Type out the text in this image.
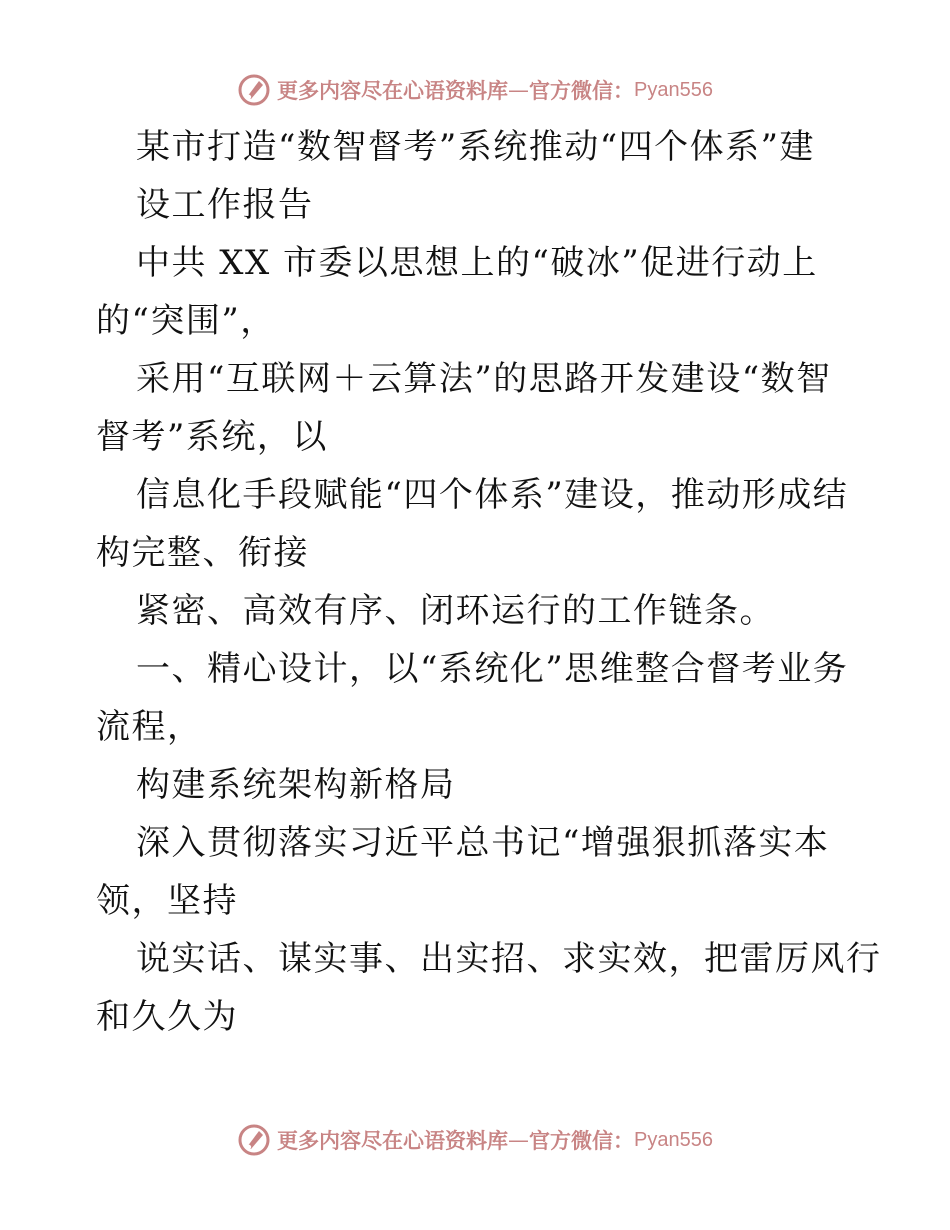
更多内容尽在心语资料库 — 官方微信： Pyan556
某市打造“数智督考”系统推动“四个体系”建
设工作报告
中共 XX 市委以思想上的“破冰”促进行动上
的“突围”，
采用“互联网＋云算法”的思路开发建设“数智
督考”系统，以
信息化手段赋能“四个体系”建设，推动形成结
构完整、衔接
紧密、高效有序、闭环运行的工作链条。
一、精心设计，以“系统化”思维整合督考业务
流程，
构建系统架构新格局
深入贯彻落实习近平总书记“增强狠抓落实本
领，坚持
说实话、谋实事、出实招、求实效，把雷厉风行
和久久为
更多内容尽在心语资料库 — 官方微信： Pyan556
